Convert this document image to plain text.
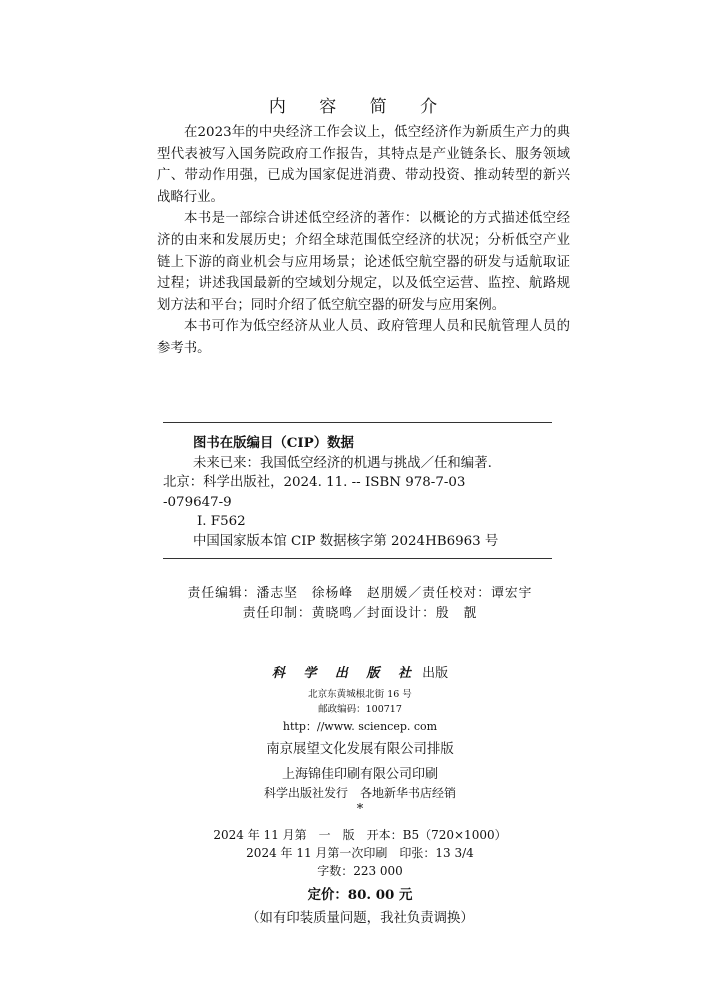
内 容 简 介

在2023年的中央经济工作会议上，低空经济作为新质生产力的典型代表被写入国务院政府工作报告，其特点是产业链条长、服务领域广、带动作用强，已成为国家促进消费、带动投资、推动转型的新兴战略行业。

本书是一部综合讲述低空经济的著作：以概论的方式描述低空经济的由来和发展历史；介绍全球范围低空经济的状况；分析低空产业链上下游的商业机会与应用场景；论述低空航空器的研发与适航取证过程；讲述我国最新的空域划分规定，以及低空运营、监控、航路规划方法和平台；同时介绍了低空航空器的研发与应用案例。

本书可作为低空经济从业人员、政府管理人员和民航管理人员的参考书。

图书在版编目（CIP）数据
未来已来：我国低空经济的机遇与挑战／任和编著.
北京：科学出版社，2024. 11. -- ISBN 978-7-03
-079647-9
Ⅰ. F562
中国国家版本馆 CIP 数据核字第 2024HB6963 号
责任编辑：潘志坚　徐杨峰　赵朋媛／责任校对：谭宏宇
责任印制：黄晓鸣／封面设计：殷　靓
科 学 出 版 社 出版
北京东黄城根北街 16 号
邮政编码：100717
http：//www. sciencep. com
南京展望文化发展有限公司排版
上海锦佳印刷有限公司印刷
科学出版社发行　各地新华书店经销
*
2024 年 11 月第　一　版　开本：B5（720×1000）
2024 年 11 月第一次印刷　印张：13 3/4
字数：223 000
定价：80. 00 元
（如有印装质量问题，我社负责调换）
